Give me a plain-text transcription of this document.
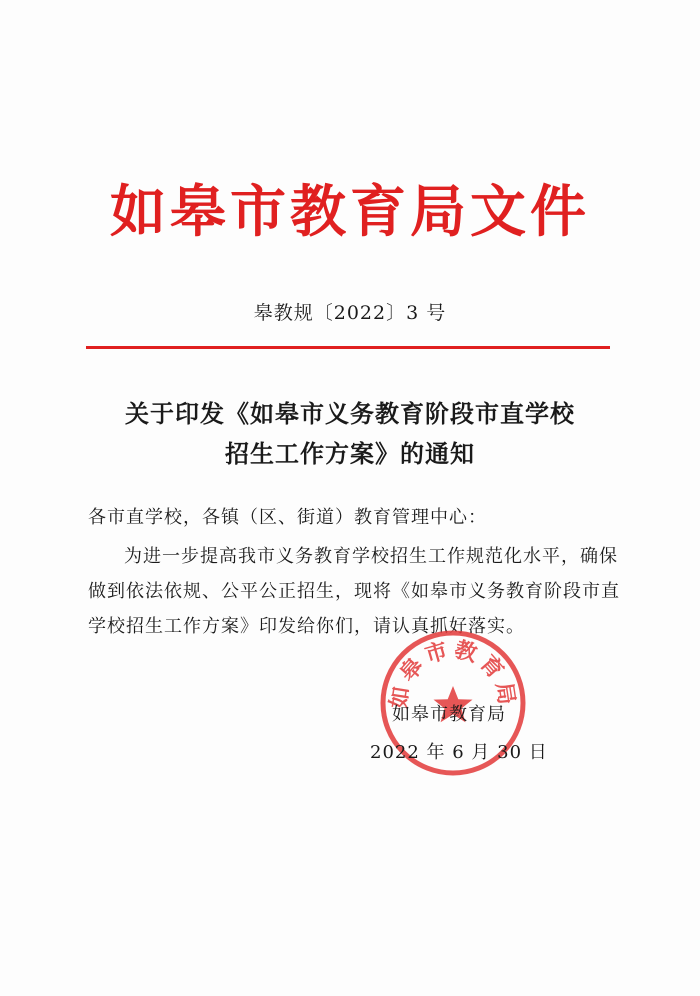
如皋市教育局文件
皋教规〔2022〕3 号
关于印发《如皋市义务教育阶段市直学校
招生工作方案》的通知
各市直学校，各镇（区、街道）教育管理中心：
为进一步提高我市义务教育学校招生工作规范化水平，确保
做到依法依规、公平公正招生，现将《如皋市义务教育阶段市直
学校招生工作方案》印发给你们，请认真抓好落实。
如皋市教育局
如皋市教育局
2022 年 6 月 30 日
